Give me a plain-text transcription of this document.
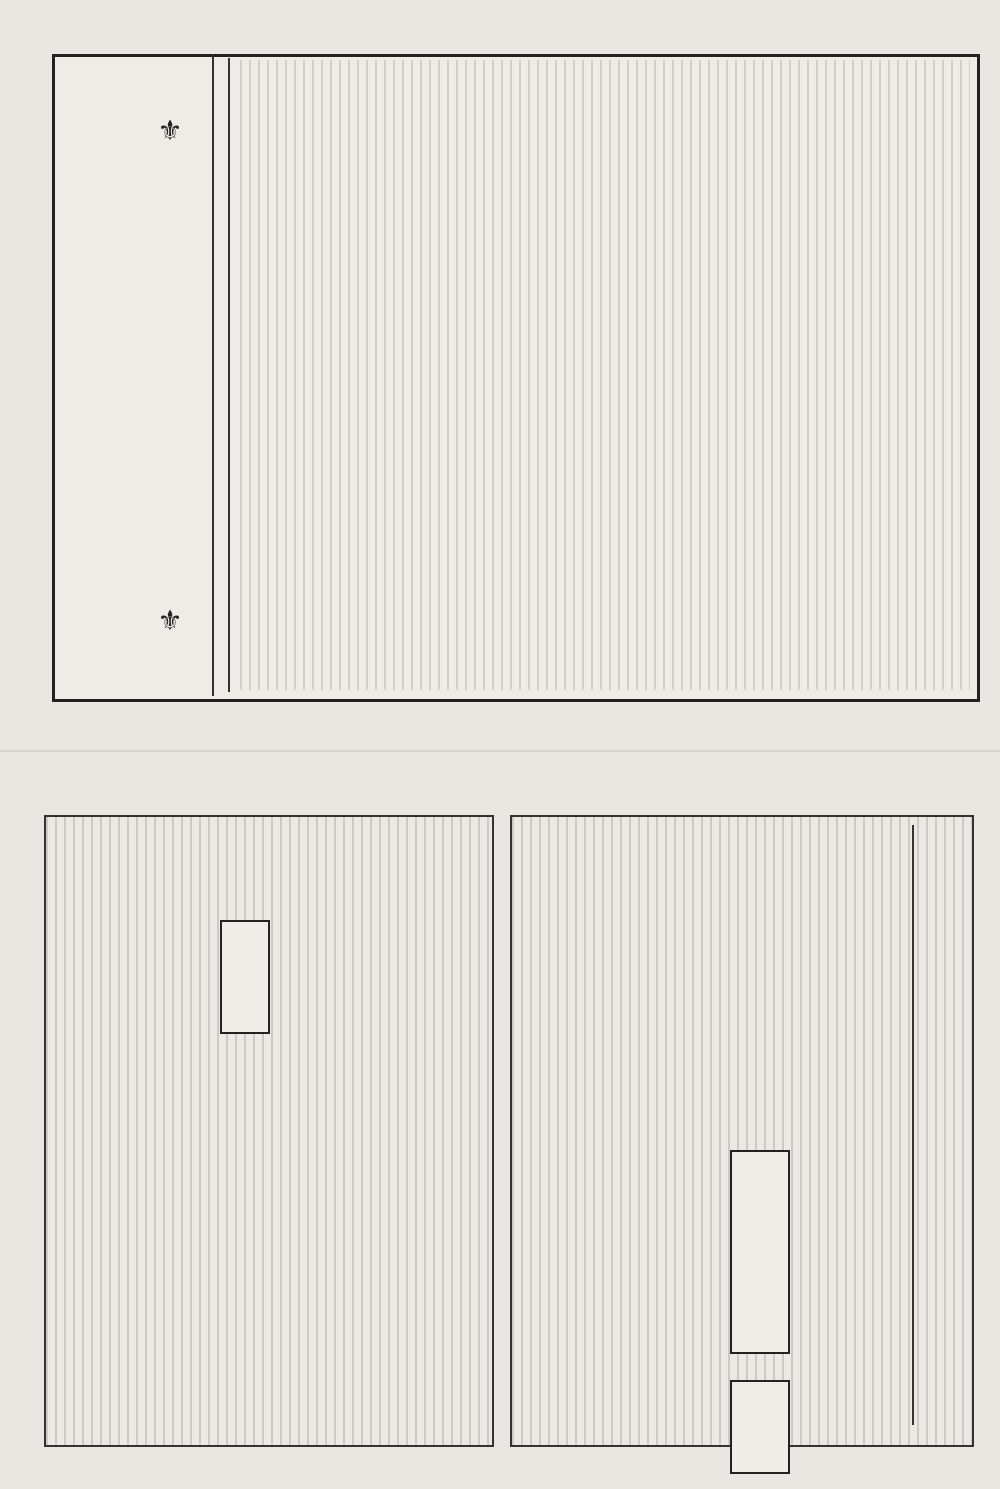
⚜
⚜
